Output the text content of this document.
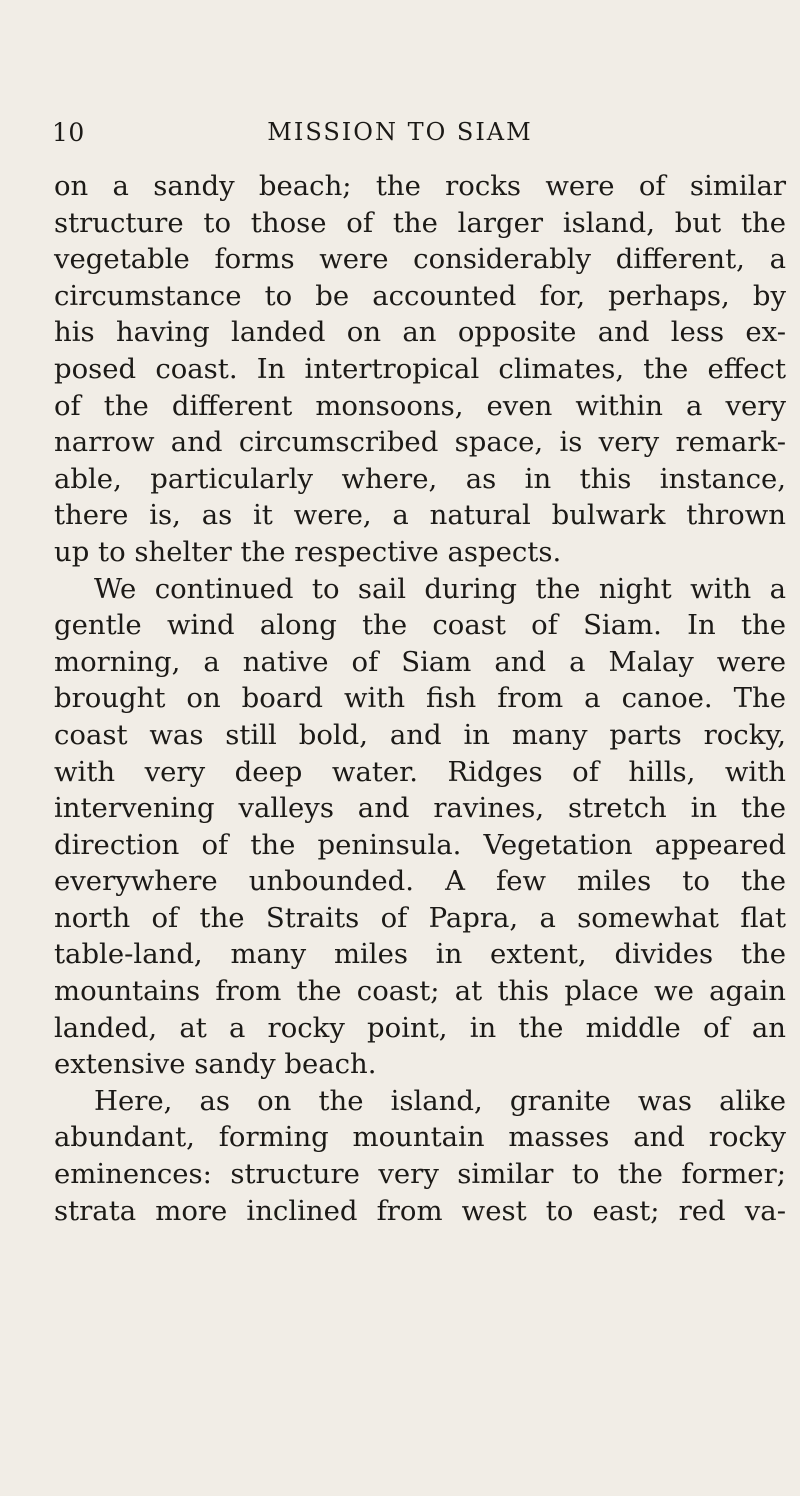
10	MISSION TO SIAM
on a sandy beach; the rocks were of similar
structure to those of the larger island, but the
vegetable forms were considerably different, a
circumstance to be accounted for, perhaps, by
his having landed on an opposite and less ex-
posed coast. In intertropical climates, the effect
of the different monsoons, even within a very
narrow and circumscribed space, is very remark-
able, particularly where, as in this instance,
there is, as it were, a natural bulwark thrown
up to shelter the respective aspects.
We continued to sail during the night with a
gentle wind along the coast of Siam. In the
morning, a native of Siam and a Malay were
brought on board with fish from a canoe. The
coast was still bold, and in many parts rocky,
with very deep water. Ridges of hills, with
intervening valleys and ravines, stretch in the
direction of the peninsula. Vegetation appeared
everywhere unbounded. A few miles to the
north of the Straits of Papra, a somewhat flat
table-land, many miles in extent, divides the
mountains from the coast; at this place we again
landed, at a rocky point, in the middle of an
extensive sandy beach.
Here, as on the island, granite was alike
abundant, forming mountain masses and rocky
eminences: structure very similar to the former;
strata more inclined from west to east; red va-
